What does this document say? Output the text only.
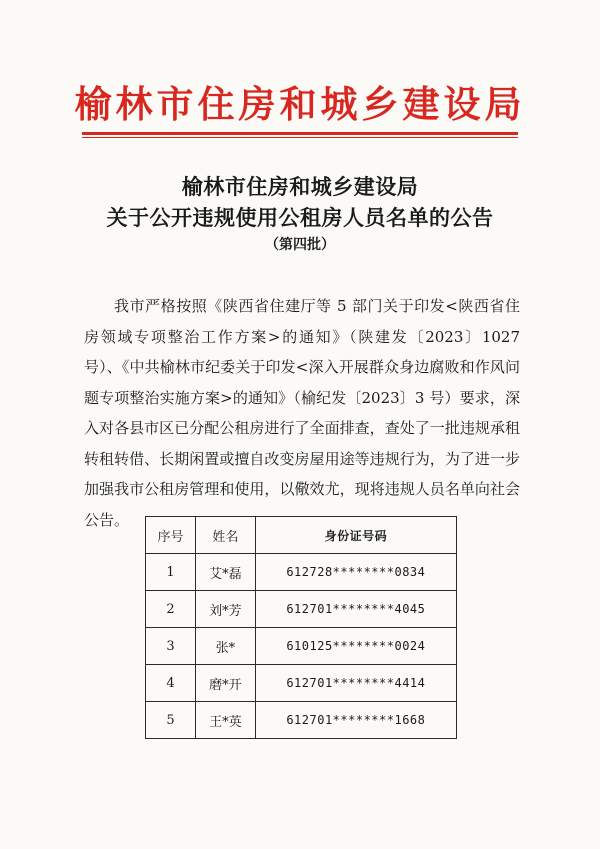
榆林市住房和城乡建设局
榆林市住房和城乡建设局
关于公开违规使用公租房人员名单的公告
（第四批）
我市严格按照《陕西省住建厅等 5 部门关于印发<陕西省住房领域专项整治工作方案>的通知》（陕建发〔2023〕1027 号）、《中共榆林市纪委关于印发<深入开展群众身边腐败和作风问题专项整治实施方案>的通知》（榆纪发〔2023〕3 号）要求，深入对各县市区已分配公租房进行了全面排查，查处了一批违规承租转租转借、长期闲置或擅自改变房屋用途等违规行为，为了进一步加强我市公租房管理和使用，以儆效尤，现将违规人员名单向社会公告。
序号	姓名	身份证号码
1	艾*磊	612728********0834
2	刘*芳	612701********4045
3	张*	610125********0024
4	磨*开	612701********4414
5	王*英	612701********1668
